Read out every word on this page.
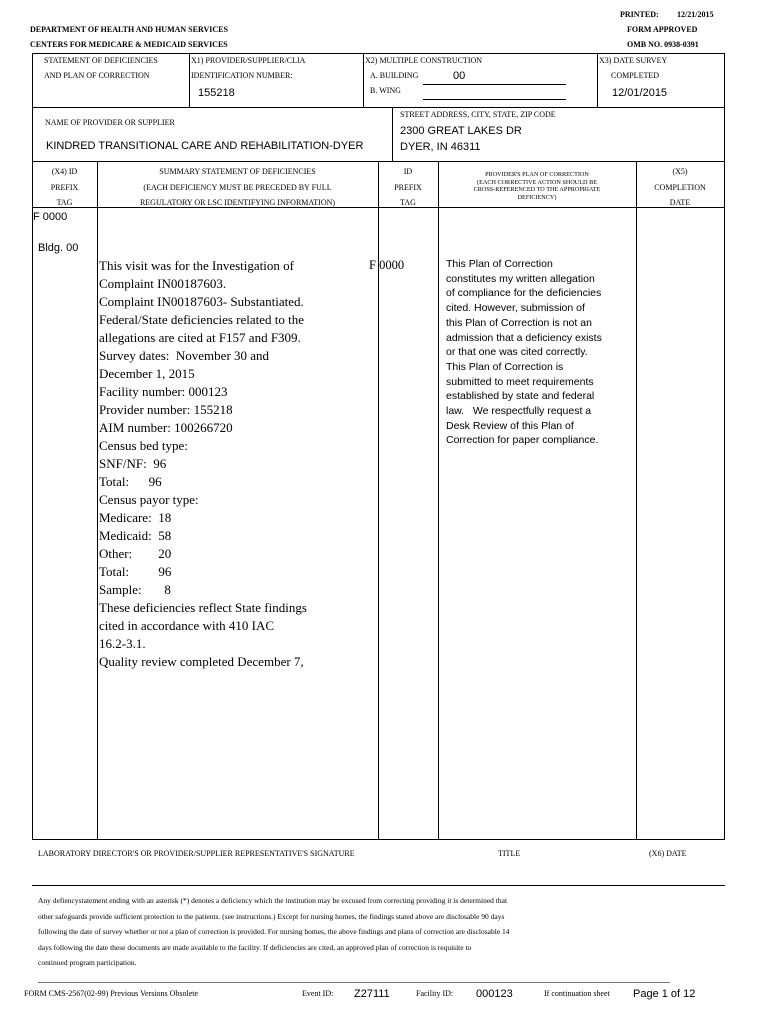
PRINTED: 12/21/2015
DEPARTMENT OF HEALTH AND HUMAN SERVICES	FORM APPROVED
CENTERS FOR MEDICARE & MEDICAID SERVICES	OMB NO. 0938-0391
STATEMENT OF DEFICIENCIES
AND PLAN OF CORRECTION
X1) PROVIDER/SUPPLIER/CLIA
IDENTIFICATION NUMBER:
155218
X2) MULTIPLE CONSTRUCTION
A. BUILDING	00
B. WING
X3) DATE SURVEY
COMPLETED
12/01/2015
NAME OF PROVIDER OR SUPPLIER
KINDRED TRANSITIONAL CARE AND REHABILITATION-DYER
STREET ADDRESS, CITY, STATE, ZIP CODE
2300 GREAT LAKES DR
DYER, IN 46311
(X4) ID
PREFIX
TAG
SUMMARY STATEMENT OF DEFICIENCIES
(EACH DEFICIENCY MUST BE PRECEDED BY FULL
REGULATORY OR LSC IDENTIFYING INFORMATION)
ID
PREFIX
TAG
PROVIDER'S PLAN OF CORRECTION
(EACH CORRECTIVE ACTION SHOULD BE
CROSS-REFERENCED TO THE APPROPRIATE
DEFICIENCY)
(X5)
COMPLETION
DATE
F 0000
Bldg. 00
F 0000
This visit was for the Investigation of
Complaint IN00187603.
Complaint IN00187603- Substantiated.
Federal/State deficiencies related to the
allegations are cited at F157 and F309.
Survey dates:  November 30 and
December 1, 2015
Facility number: 000123
Provider number: 155218
AIM number: 100266720
Census bed type:
SNF/NF:  96
Total:      96
Census payor type:
Medicare:  18
Medicaid:  58
Other:        20
Total:         96
Sample:       8
These deficiencies reflect State findings
cited in accordance with 410 IAC
16.2-3.1.
Quality review completed December 7,
This Plan of Correction
constitutes my written allegation
of compliance for the deficiencies
cited. However, submission of
this Plan of Correction is not an
admission that a deficiency exists
or that one was cited correctly.
This Plan of Correction is
submitted to meet requirements
established by state and federal
law.   We respectfully request a
Desk Review of this Plan of
Correction for paper compliance.
LABORATORY DIRECTOR'S OR PROVIDER/SUPPLIER REPRESENTATIVE'S SIGNATURE	TITLE	(X6) DATE
Any defiencystatement ending with an asterisk (*) denotes a deficiency which the institution may be excused from correcting providing it is determined that
other safeguards provide sufficient protection to the patients. (see instructions.) Except for nursing homes, the findings stated above are disclosable 90 days
following the date of survey whether or not a plan of correction is provided. For nursing homes, the above findings and plans of correction are disclosable 14
days following the date these documents are made available to the facility. If deficiencies are cited, an approved plan of correction is requisite to
continued program participation.
FORM CMS-2567(02-99) Previous Versions Obsolete	Event ID: Z27111	Facility ID: 000123	If continuation sheet Page 1 of 12
